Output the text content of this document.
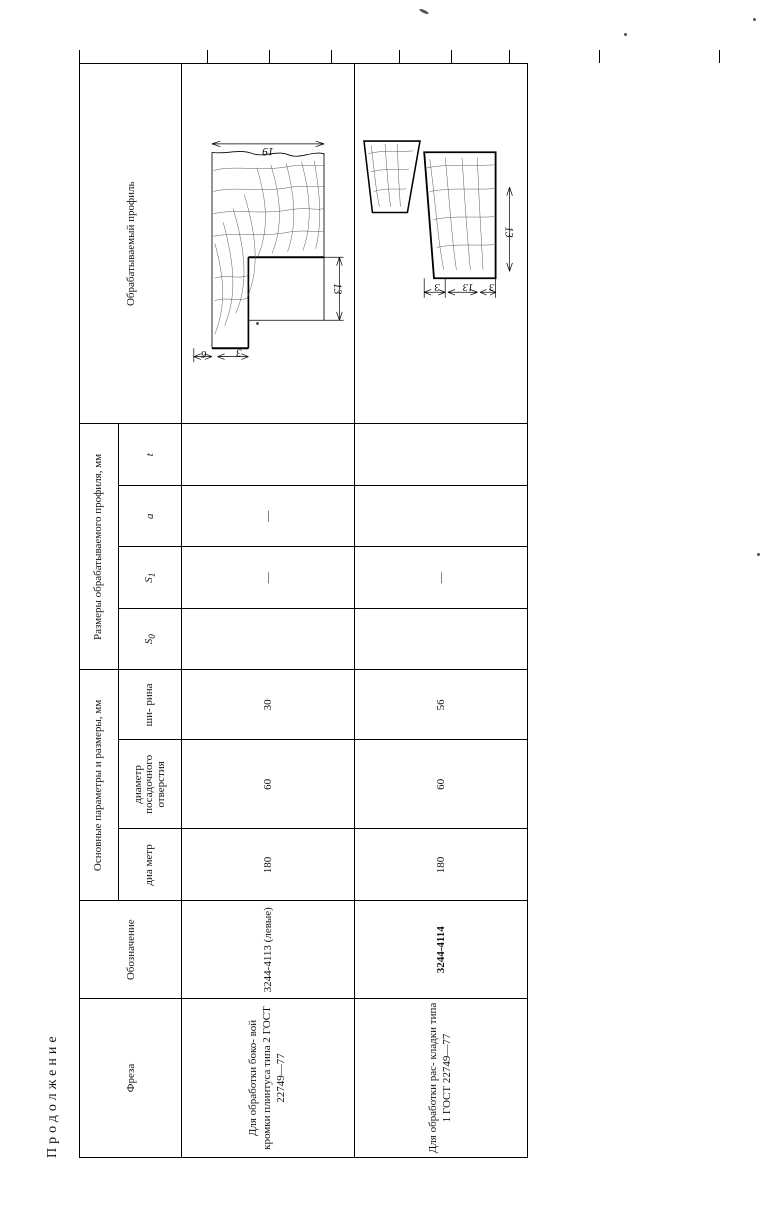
Продолжение	Фреза	Обозначение	Основные параметры и размеры, мм			Размеры обрабатываемого профиля, мм				Обрабатываемый профиль
		диа метр	диаметр посадочного отверстия	ши- рина	$S_0$	$S_1$	a	t	
Для обработки боко- вой кромки плинтуса типа 2 ГОСТ 22749—77	3244-4113 (левые)	180	60	30		—	—		6 3
19
13

Для обработки рас- кладки типа 1 ГОСТ 22749—77	3244-4114	180	60	56		—			3 13 3
13
